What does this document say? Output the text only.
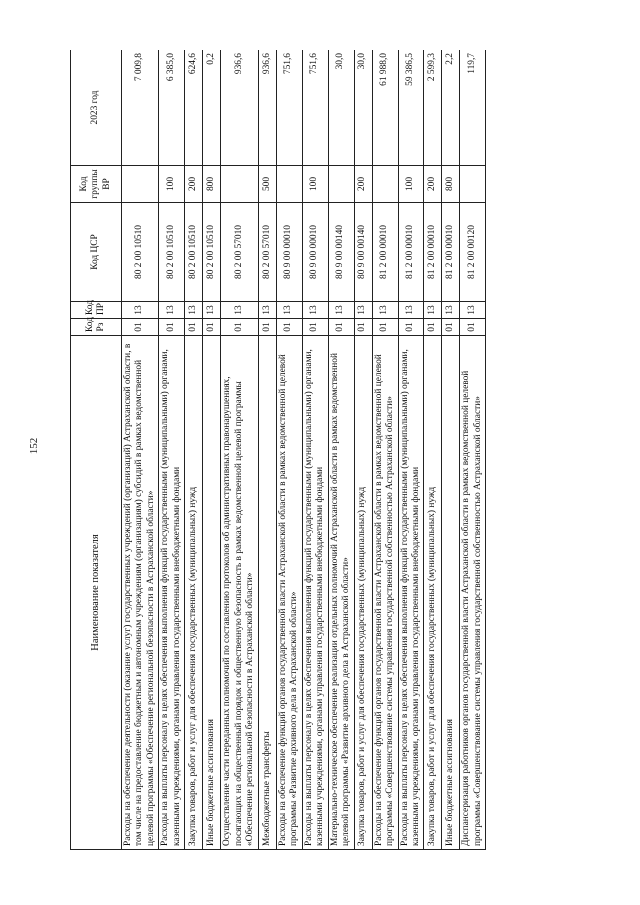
152
Наименование показателя	Код Рз	Код ПР	Код ЦСР	Код группы ВР	2023 год
Расходы на обеспечение деятельности (оказание услуг) государственных учреждений (организаций) Астраханской области, в том числе на предоставление бюджетным и автономным учреждениям (организациям) субсидий в рамках ведомственной целевой программы «Обеспечение региональной безопасности в Астраханской области»	01	13	80 2 00 10510		7 009,8
Расходы на выплаты персоналу в целях обеспечения выполнения функций государственными (муниципальными) органами, казенными учреждениями, органами управления государственными внебюджетными фондами	01	13	80 2 00 10510	100	6 385,0
Закупка товаров, работ и услуг для обеспечения государственных (муниципальных) нужд	01	13	80 2 00 10510	200	624,6
Иные бюджетные ассигнования	01	13	80 2 00 10510	800	0,2
Осуществление части переданных полномочий по составлению протоколов об административных правонарушениях, посягающих на общественный порядок и общественную безопасность в рамках ведомственной целевой программы «Обеспечение региональной безопасности в Астраханской области»	01	13	80 2 00 57010		936,6
Межбюджетные трансферты	01	13	80 2 00 57010	500	936,6
Расходы на обеспечение функций органов государственной власти Астраханской области в рамках ведомственной целевой программы «Развитие архивного дела в Астраханской области»	01	13	80 9 00 00010		751,6
Расходы на выплаты персоналу в целях обеспечения выполнения функций государственными (муниципальными) органами, казенными учреждениями, органами управления государственными внебюджетными фондами	01	13	80 9 00 00010	100	751,6
Материально-техническое обеспечение реализации отдельных полномочий Астраханской области в рамках ведомственной целевой программы «Развитие архивного дела в Астраханской области»	01	13	80 9 00 00140		30,0
Закупка товаров, работ и услуг для обеспечения государственных (муниципальных) нужд	01	13	80 9 00 00140	200	30,0
Расходы на обеспечение функций органов государственной власти Астраханской области в рамках ведомственной целевой программы «Совершенствование системы управления государственной собственностью Астраханской области»	01	13	81 2 00 00010		61 988,0
Расходы на выплаты персоналу в целях обеспечения выполнения функций государственными (муниципальными) органами, казенными учреждениями, органами управления государственными внебюджетными фондами	01	13	81 2 00 00010	100	59 386,5
Закупка товаров, работ и услуг для обеспечения государственных (муниципальных) нужд	01	13	81 2 00 00010	200	2 599,3
Иные бюджетные ассигнования	01	13	81 2 00 00010	800	2,2
Диспансеризация работников органов государственной власти Астраханской области в рамках ведомственной целевой программы «Совершенствование системы управления государственной собственностью Астраханской области»	01	13	81 2 00 00120		119,7
